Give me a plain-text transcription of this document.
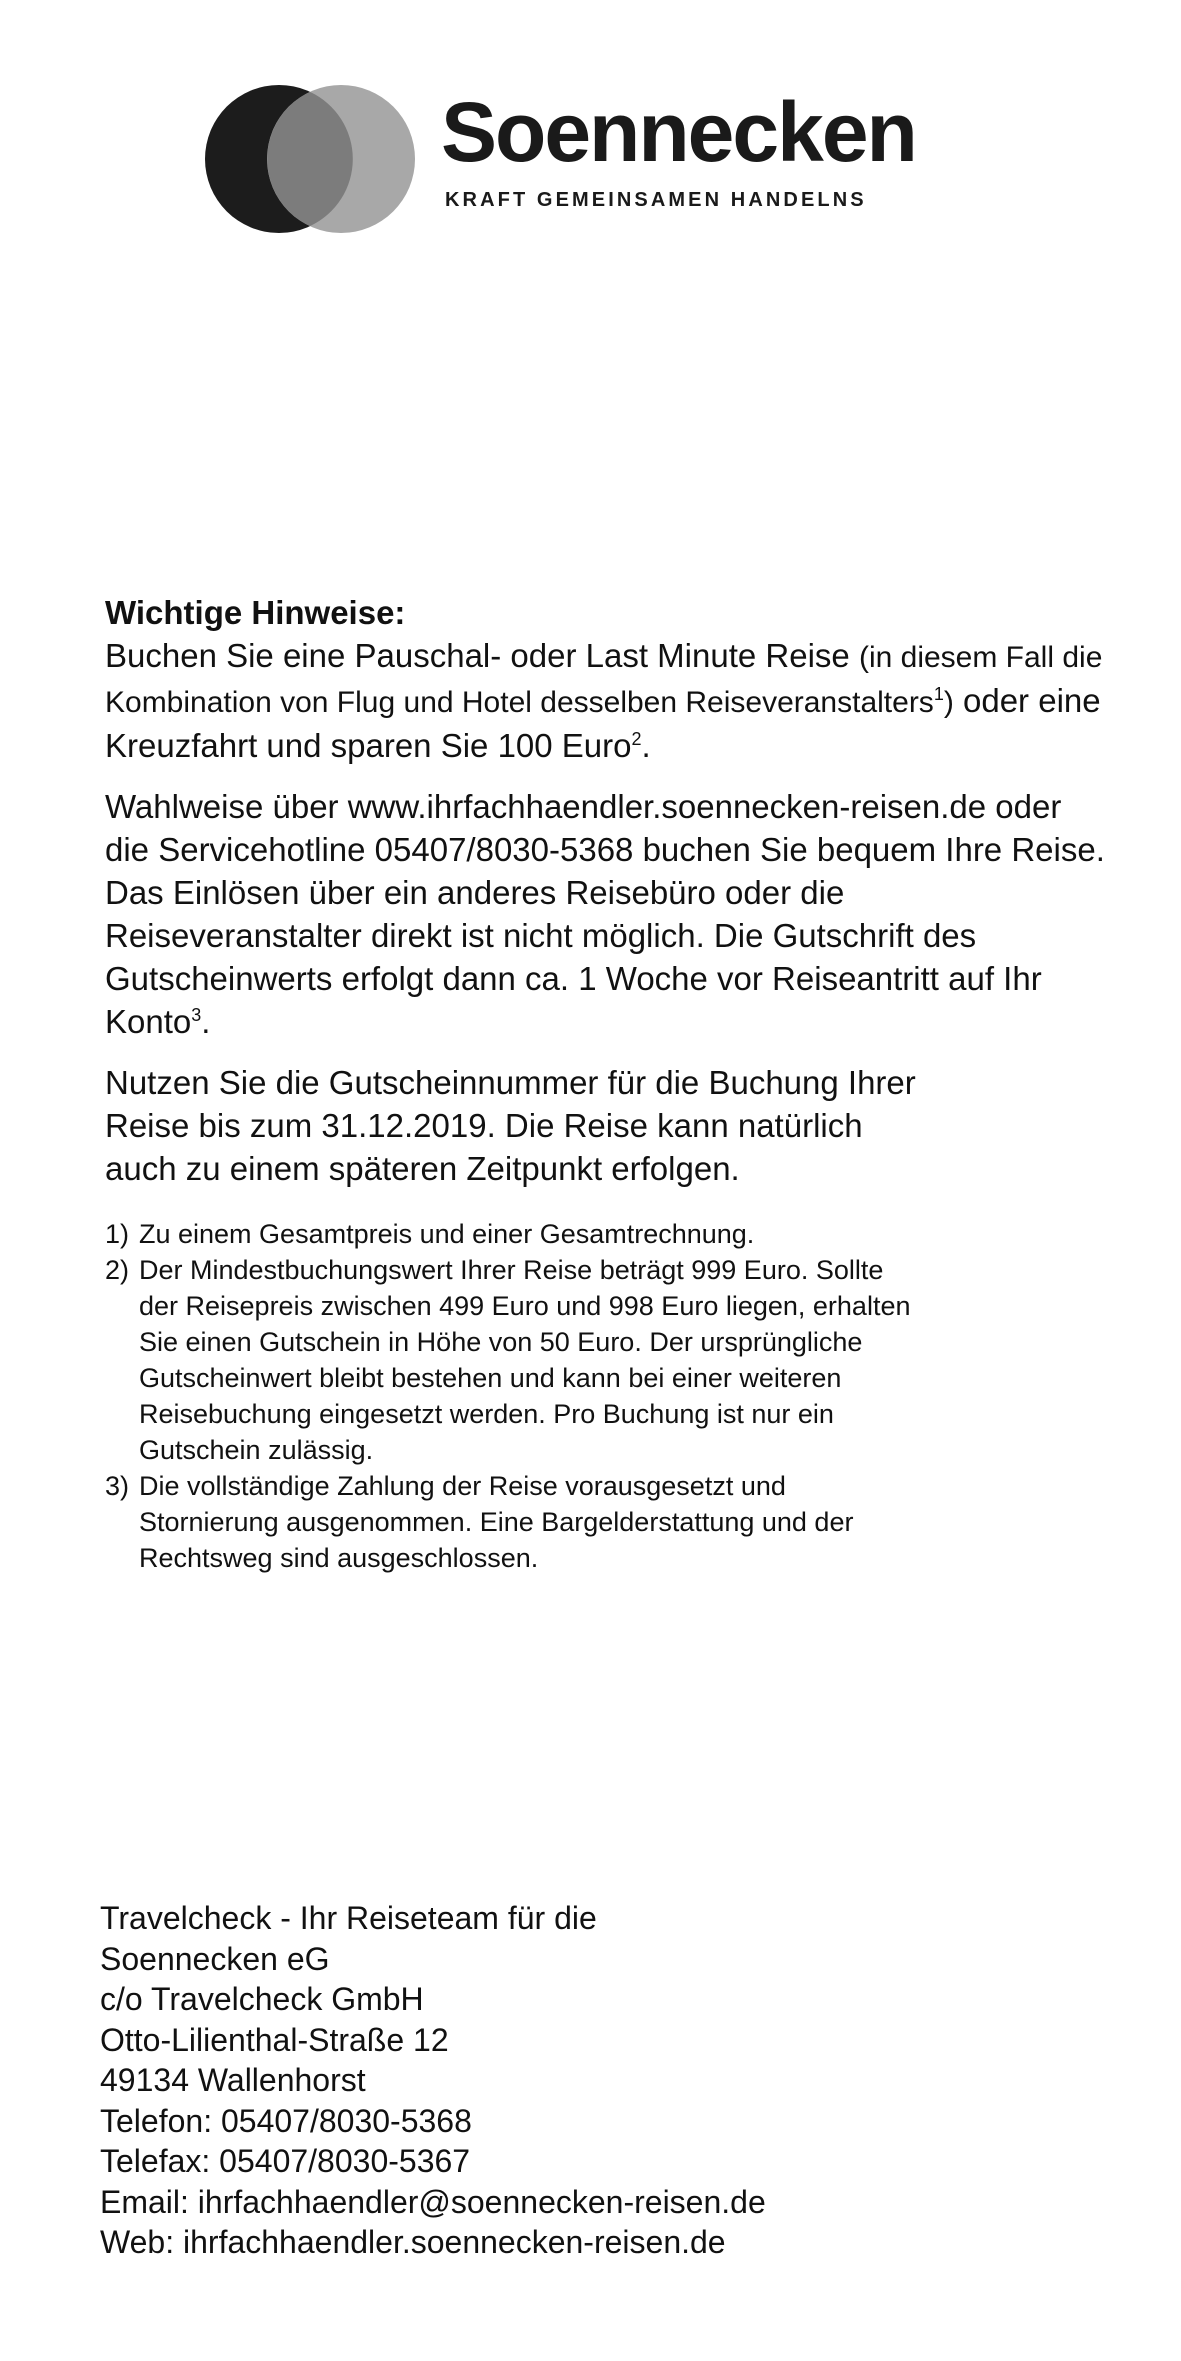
Soennecken
KRAFT GEMEINSAMEN HANDELNS
Wichtige Hinweise:

Buchen Sie eine Pauschal- oder Last Minute Reise (in diesem Fall die Kombination von Flug und Hotel desselben Reiseveranstalters$^1$) oder eine Kreuzfahrt und sparen Sie 100 Euro$^2$.

Wahlweise über www.ihrfachhaendler.soennecken-reisen.de oder die Servicehotline 05407/8030-5368 buchen Sie bequem Ihre Reise. Das Einlösen über ein anderes Reisebüro oder die Reiseveranstalter direkt ist nicht möglich. Die Gutschrift des Gutscheinwerts erfolgt dann ca. 1 Woche vor Reiseantritt auf Ihr Konto$^3$.

Nutzen Sie die Gutscheinnummer für die Buchung Ihrer Reise bis zum 31.12.2019. Die Reise kann natürlich auch zu einem späteren Zeitpunkt erfolgen.

1) Zu einem Gesamtpreis und einer Gesamtrechnung.
2) Der Mindestbuchungswert Ihrer Reise beträgt 999 Euro. Sollte der Reisepreis zwischen 499 Euro und 998 Euro liegen, erhalten Sie einen Gutschein in Höhe von 50 Euro. Der ursprüngliche Gutscheinwert bleibt bestehen und kann bei einer weiteren Reisebuchung eingesetzt werden. Pro Buchung ist nur ein Gutschein zulässig.
3) Die vollständige Zahlung der Reise vorausgesetzt und Stornierung ausgenommen. Eine Bargelderstattung und der Rechtsweg sind ausgeschlossen.
Travelcheck - Ihr Reiseteam für die
Soennecken eG
c/o Travelcheck GmbH
Otto-Lilienthal-Straße 12
49134 Wallenhorst
Telefon: 05407/8030-5368
Telefax: 05407/8030-5367
Email: ihrfachhaendler@soennecken-reisen.de
Web: ihrfachhaendler.soennecken-reisen.de
